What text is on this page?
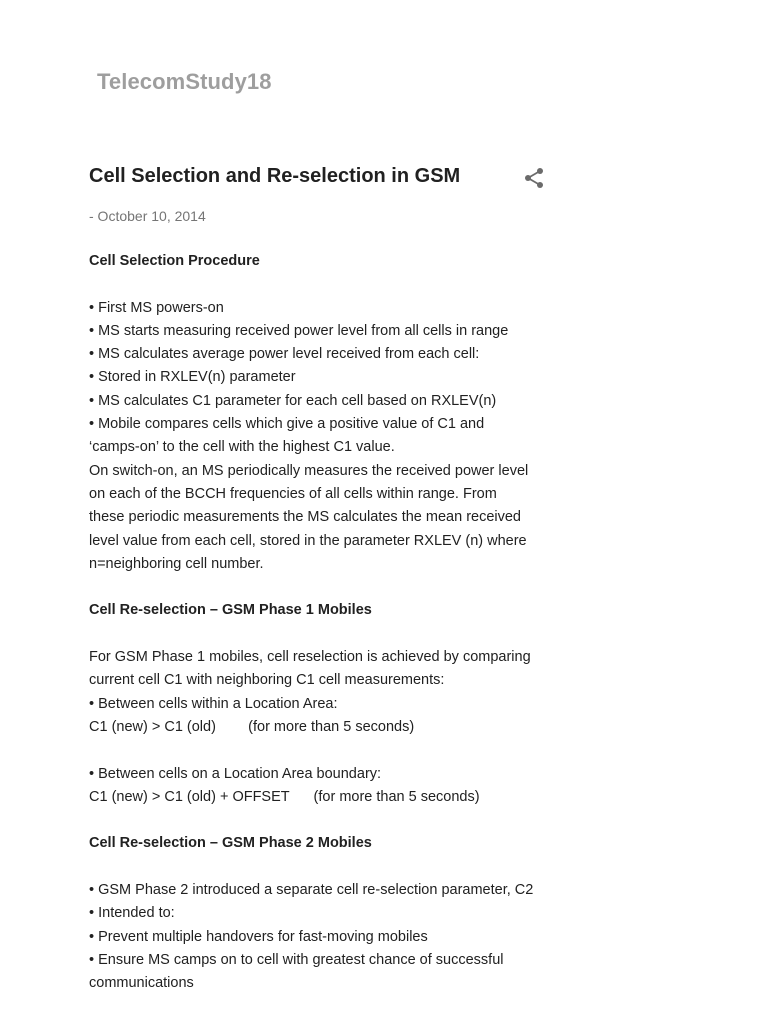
TelecomStudy18
Cell Selection and Re-selection in GSM
- October 10, 2014
Cell Selection Procedure
• First MS powers-on
• MS starts measuring received power level from all cells in range
• MS calculates average power level received from each cell:
• Stored in RXLEV(n) parameter
• MS calculates C1 parameter for each cell based on RXLEV(n)
• Mobile compares cells which give a positive value of C1 and
‘camps-on’ to the cell with the highest C1 value.
On switch-on, an MS periodically measures the received power level
on each of the BCCH frequencies of all cells within range. From
these periodic measurements the MS calculates the mean received
level value from each cell, stored in the parameter RXLEV (n) where
n=neighboring cell number.
Cell Re-selection – GSM Phase 1 Mobiles
For GSM Phase 1 mobiles, cell reselection is achieved by comparing
current cell C1 with neighboring C1 cell measurements:
• Between cells within a Location Area:
C1 (new) > C1 (old)        (for more than 5 seconds)
• Between cells on a Location Area boundary:
C1 (new) > C1 (old) + OFFSET      (for more than 5 seconds)
Cell Re-selection – GSM Phase 2 Mobiles
• GSM Phase 2 introduced a separate cell re-selection parameter, C2
• Intended to:
• Prevent multiple handovers for fast-moving mobiles
• Ensure MS camps on to cell with greatest chance of successful
communications
